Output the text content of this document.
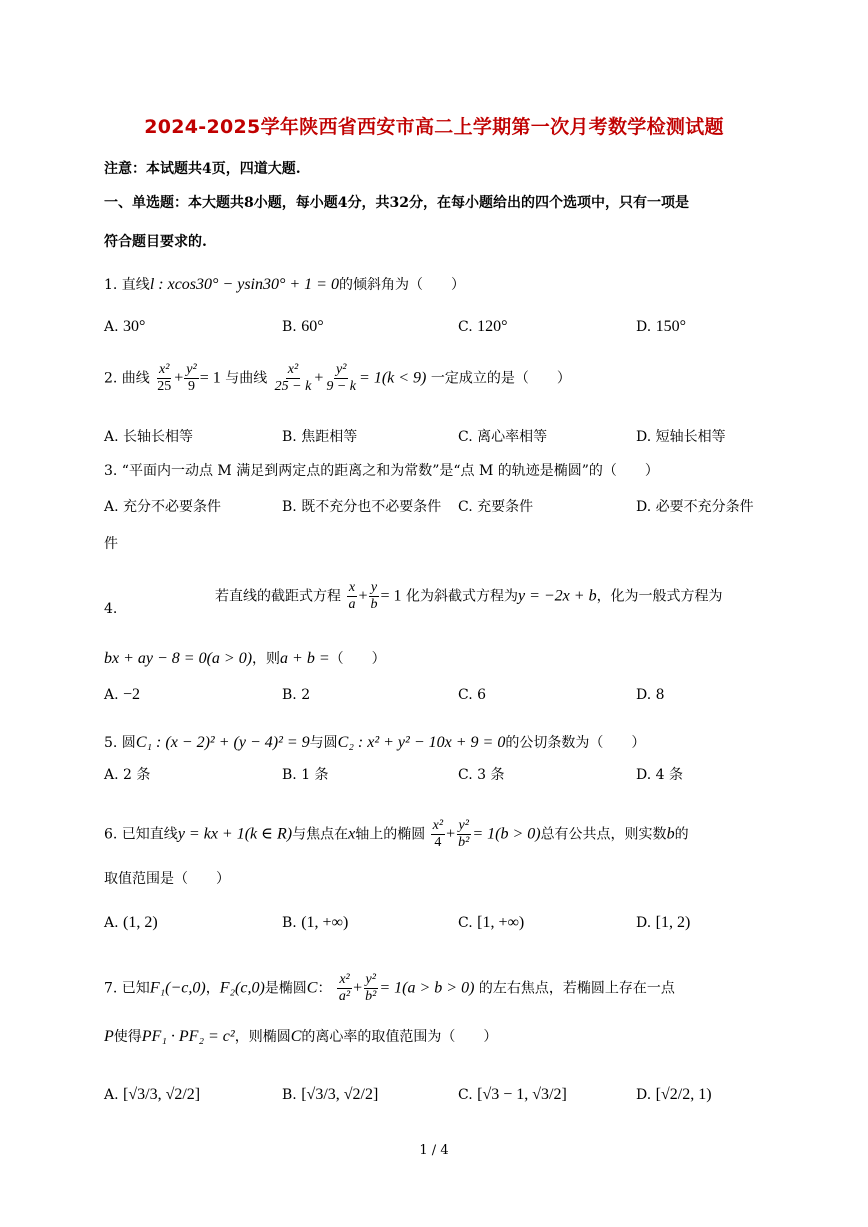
2024-2025学年陕西省西安市高二上学期第一次月考数学检测试题
注意：本试题共4页，四道大题.
一、单选题：本大题共8小题，每小题4分，共32分，在每小题给出的四个选项中，只有一项是
符合题目要求的.
1. 直线l : xcos30° − ysin30° + 1 = 0的倾斜角为（　　）
A. 30°	B. 60°	C. 120°	D. 150°
2. 曲线 $\frac{\text{x²}}{25} + \frac{\text{y²}}{9} = 1$ 与曲线 $\frac{\text{x²}}{25 - k} + \frac{\text{y²}}{9 - k} = 1(k < 9)$ 一定成立的是（　　）
A. 长轴长相等	B. 焦距相等	C. 离心率相等	D. 短轴长相等
3. “平面内一动点 M 满足到两定点的距离之和为常数”是“点 M 的轨迹是椭圆”的（　　）
A. 充分不必要条件	B. 既不充分也不必要条件 C. 充要条件	D. 必要不充分条件
件
4.
若直线的截距式方程 $\frac{x}{a} + \frac{y}{b} = 1$ 化为斜截式方程为y = −2x + b，化为一般式方程为
bx + ay − 8 = 0(a > 0)，则a + b =（　　）
A. −2	B. 2	C. 6	D. 8
5. 圆C₁ : (x − 2)² + (y − 4)² = 9与圆C₂ : x² + y² − 10x + 9 = 0的公切条数为（　　）
A. 2 条	B. 1 条	C. 3 条	D. 4 条
6. 已知直线y = kx + 1(k ∈ R)与焦点在x轴上的椭圆 $\frac{\text{x²}}{4} + \frac{\text{y²}}{\text{b²}} = 1(b > 0)$总有公共点，则实数b的
取值范围是（　　）
A. (1, 2)	B. (1, +∞)	C. [1, +∞)	D. [1, 2)
7. 已知F₁(−c,0)，F₂(c,0)是椭圆C： $\frac{\text{x²}}{\text{a²}} + \frac{\text{y²}}{\text{b²}} = 1(a > b > 0)$ 的左右焦点，若椭圆上存在一点
P使得PF₁ · PF₂ = c²，则椭圆C的离心率的取值范围为（　　）
A. [√3/3, √2/2]	B. [√3/3, √2/2]	C. [√3 − 1, √3/2]	D. [√2/2, 1)
1 / 4
